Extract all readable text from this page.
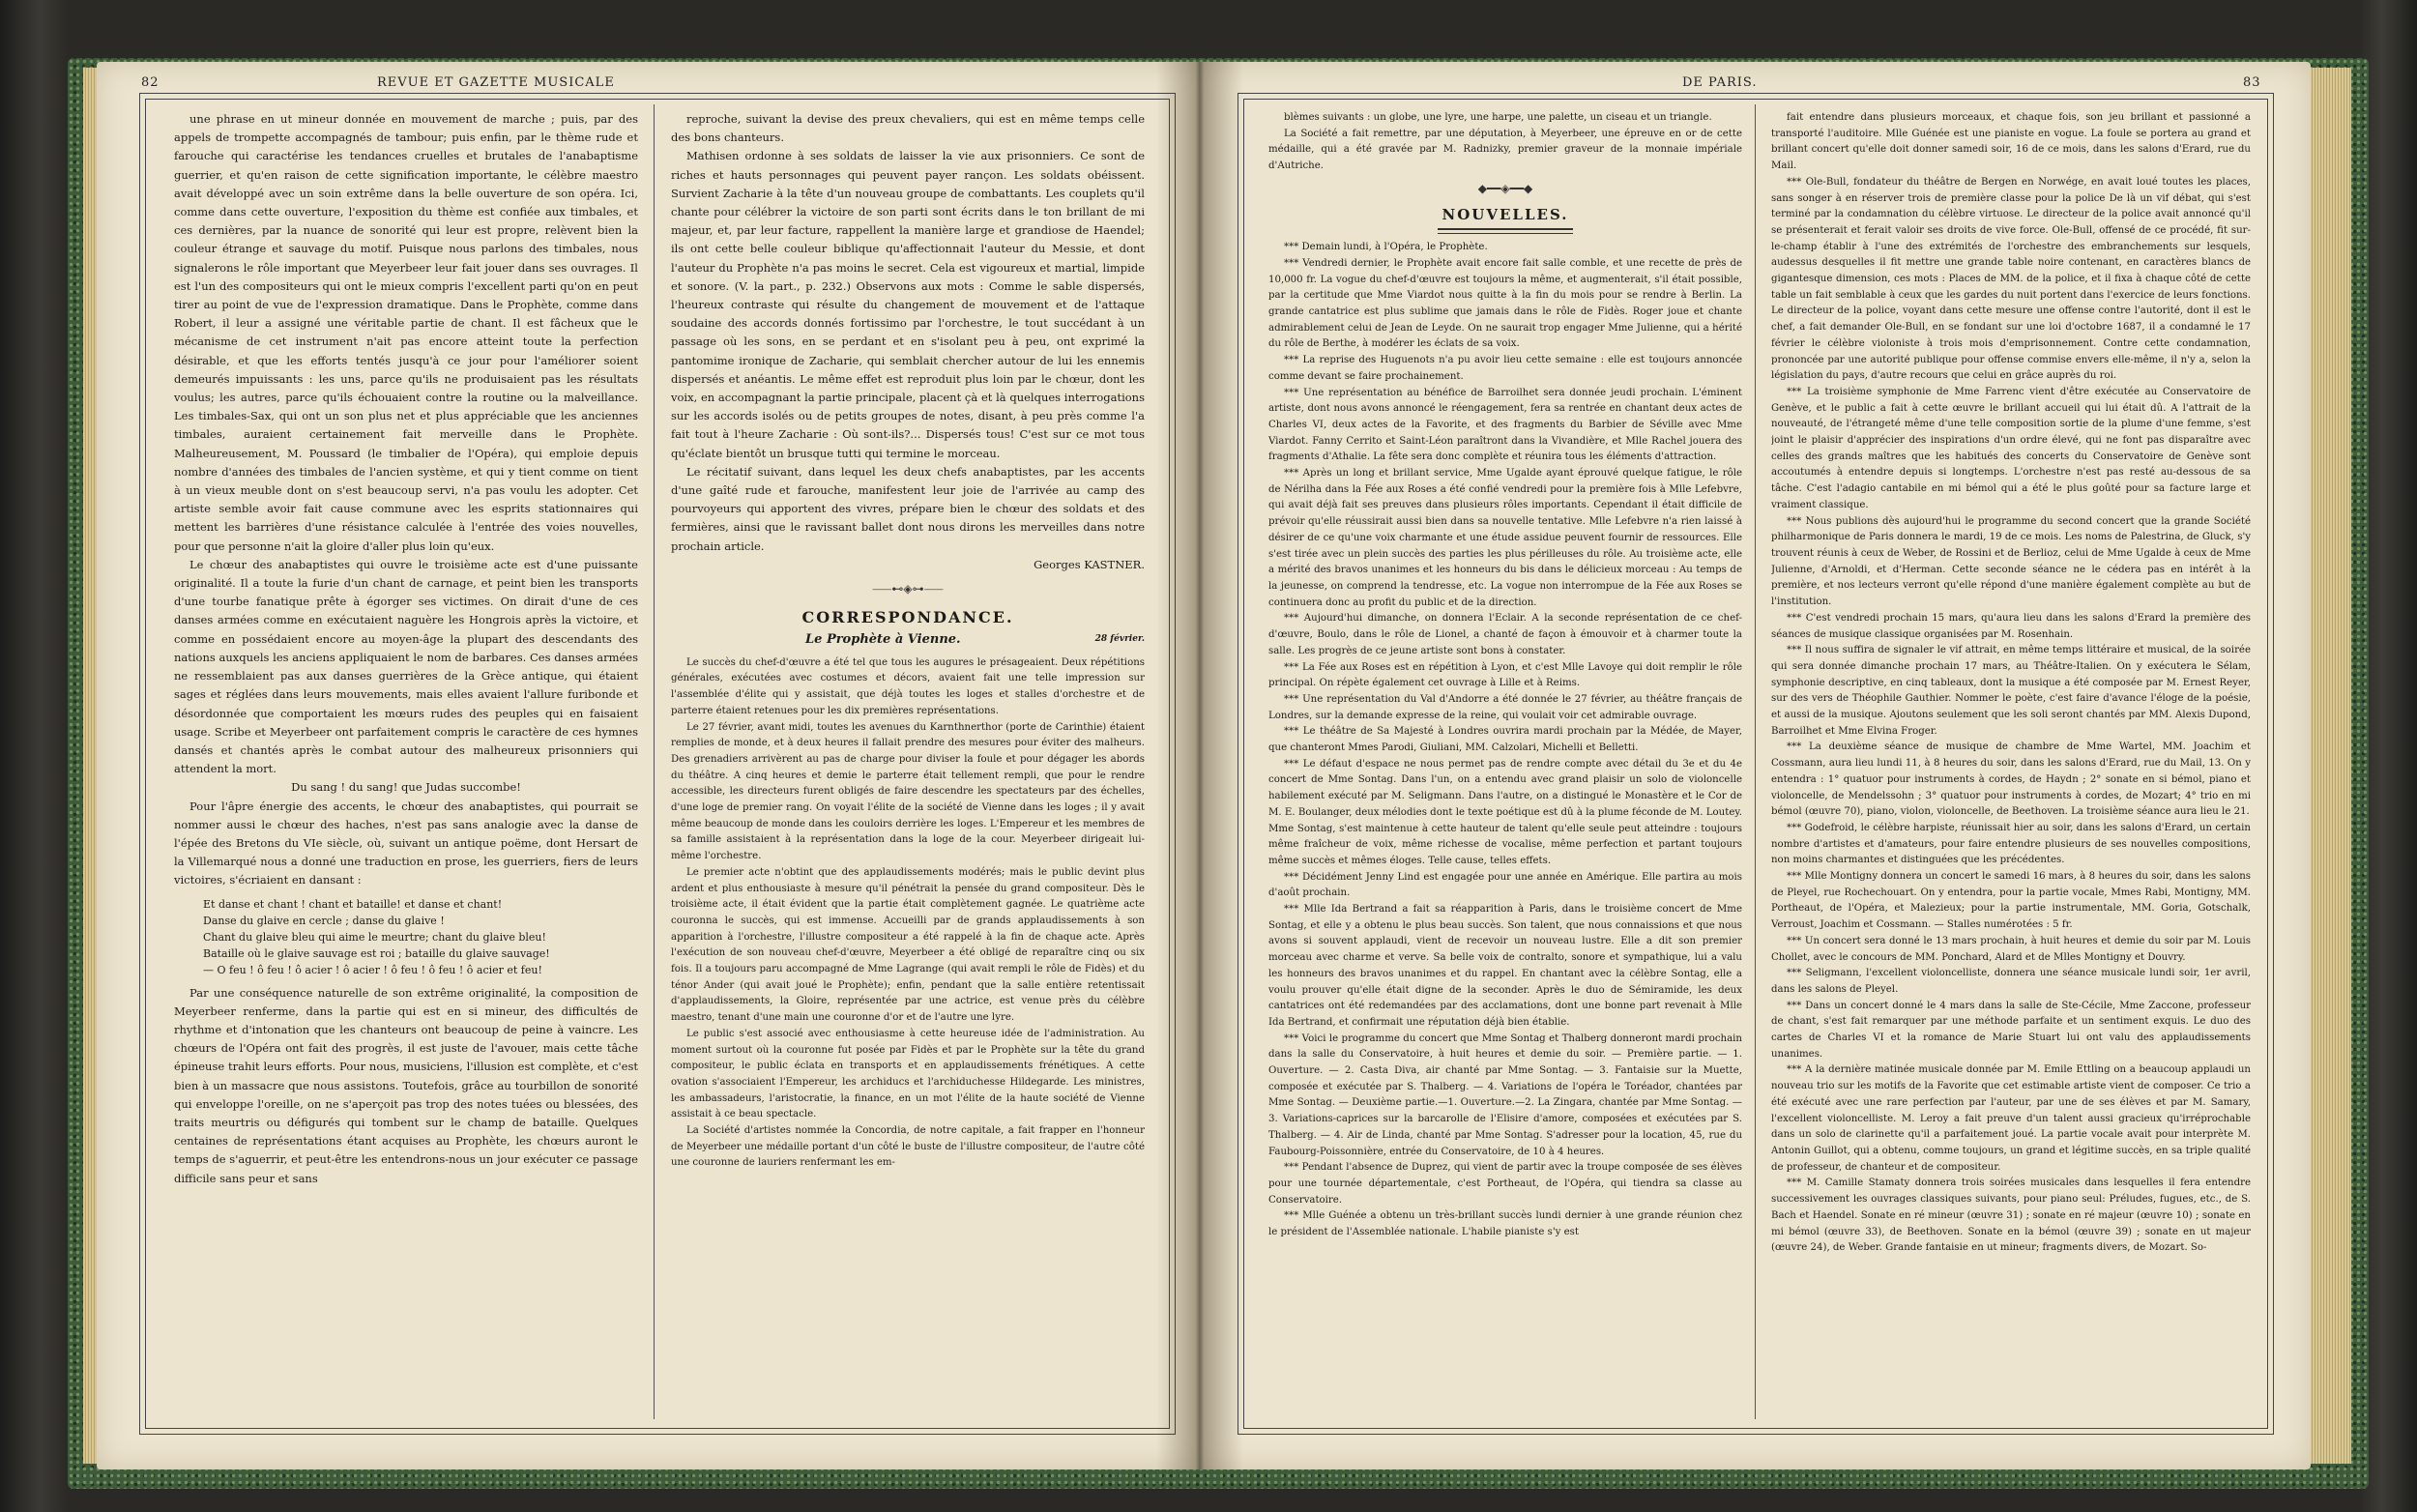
82	REVUE ET GAZETTE MUSICALE

une phrase en ut mineur donnée en mouvement de marche ; puis, par des appels de trompette accompagnés de tambour; puis enfin, par le thème rude et farouche qui caractérise les tendances cruelles et brutales de l'anabaptisme guerrier, et qu'en raison de cette signification importante, le célèbre maestro avait développé avec un soin extrême dans la belle ouverture de son opéra. Ici, comme dans cette ouverture, l'exposition du thème est confiée aux timbales, et ces dernières, par la nuance de sonorité qui leur est propre, relèvent bien la couleur étrange et sauvage du motif. Puisque nous parlons des timbales, nous signalerons le rôle important que Meyerbeer leur fait jouer dans ses ouvrages. Il est l'un des compositeurs qui ont le mieux compris l'excellent parti qu'on en peut tirer au point de vue de l'expression dramatique. Dans le Prophète, comme dans Robert, il leur a assigné une véritable partie de chant. Il est fâcheux que le mécanisme de cet instrument n'ait pas encore atteint toute la perfection désirable, et que les efforts tentés jusqu'à ce jour pour l'améliorer soient demeurés impuissants : les uns, parce qu'ils ne produisaient pas les résultats voulus; les autres, parce qu'ils échouaient contre la routine ou la malveillance. Les timbales-Sax, qui ont un son plus net et plus appréciable que les anciennes timbales, auraient certainement fait merveille dans le Prophète. Malheureusement, M. Poussard (le timbalier de l'Opéra), qui emploie depuis nombre d'années des timbales de l'ancien système, et qui y tient comme on tient à un vieux meuble dont on s'est beaucoup servi, n'a pas voulu les adopter. Cet artiste semble avoir fait cause commune avec les esprits stationnaires qui mettent les barrières d'une résistance calculée à l'entrée des voies nouvelles, pour que personne n'ait la gloire d'aller plus loin qu'eux.

Le chœur des anabaptistes qui ouvre le troisième acte est d'une puissante originalité. Il a toute la furie d'un chant de carnage, et peint bien les transports d'une tourbe fanatique prête à égorger ses victimes. On dirait d'une de ces danses armées comme en exécutaient naguère les Hongrois après la victoire, et comme en possédaient encore au moyen-âge la plupart des descendants des nations auxquels les anciens appliquaient le nom de barbares. Ces danses armées ne ressemblaient pas aux danses guerrières de la Grèce antique, qui étaient sages et réglées dans leurs mouvements, mais elles avaient l'allure furibonde et désordonnée que comportaient les mœurs rudes des peuples qui en faisaient usage. Scribe et Meyerbeer ont parfaitement compris le caractère de ces hymnes dansés et chantés après le combat autour des malheureux prisonniers qui attendent la mort.

Du sang ! du sang! que Judas succombe!

Pour l'âpre énergie des accents, le chœur des anabaptistes, qui pourrait se nommer aussi le chœur des haches, n'est pas sans analogie avec la danse de l'épée des Bretons du VIe siècle, où, suivant un antique poëme, dont Hersart de la Villemarqué nous a donné une traduction en prose, les guerriers, fiers de leurs victoires, s'écriaient en dansant :

Et danse et chant ! chant et bataille! et danse et chant!
Danse du glaive en cercle ; danse du glaive !
Chant du glaive bleu qui aime le meurtre; chant du glaive bleu!
Bataille où le glaive sauvage est roi ; bataille du glaive sauvage!
— O feu ! ô feu ! ô acier ! ô acier ! ô feu ! ô feu ! ô acier et feu!

Par une conséquence naturelle de son extrême originalité, la composition de Meyerbeer renferme, dans la partie qui est en si mineur, des difficultés de rhythme et d'intonation que les chanteurs ont beaucoup de peine à vaincre. Les chœurs de l'Opéra ont fait des progrès, il est juste de l'avouer, mais cette tâche épineuse trahit leurs efforts. Pour nous, musiciens, l'illusion est complète, et c'est bien à un massacre que nous assistons. Toutefois, grâce au tourbillon de sonorité qui enveloppe l'oreille, on ne s'aperçoit pas trop des notes tuées ou blessées, des traits meurtris ou défigurés qui tombent sur le champ de bataille. Quelques centaines de représentations étant acquises au Prophète, les chœurs auront le temps de s'aguerrir, et peut-être les entendrons-nous un jour exécuter ce passage difficile sans peur et sans

reproche, suivant la devise des preux chevaliers, qui est en même temps celle des bons chanteurs.

Mathisen ordonne à ses soldats de laisser la vie aux prisonniers. Ce sont de riches et hauts personnages qui peuvent payer rançon. Les soldats obéissent. Survient Zacharie à la tête d'un nouveau groupe de combattants. Les couplets qu'il chante pour célébrer la victoire de son parti sont écrits dans le ton brillant de mi majeur, et, par leur facture, rappellent la manière large et grandiose de Haendel; ils ont cette belle couleur biblique qu'affectionnait l'auteur du Messie, et dont l'auteur du Prophète n'a pas moins le secret. Cela est vigoureux et martial, limpide et sonore. (V. la part., p. 232.) Observons aux mots : Comme le sable dispersés, l'heureux contraste qui résulte du changement de mouvement et de l'attaque soudaine des accords donnés fortissimo par l'orchestre, le tout succédant à un passage où les sons, en se perdant et en s'isolant peu à peu, ont exprimé la pantomime ironique de Zacharie, qui semblait chercher autour de lui les ennemis dispersés et anéantis. Le même effet est reproduit plus loin par le chœur, dont les voix, en accompagnant la partie principale, placent çà et là quelques interrogations sur les accords isolés ou de petits groupes de notes, disant, à peu près comme l'a fait tout à l'heure Zacharie : Où sont-ils?... Dispersés tous! C'est sur ce mot tous qu'éclate bientôt un brusque tutti qui termine le morceau.

Le récitatif suivant, dans lequel les deux chefs anabaptistes, par les accents d'une gaîté rude et farouche, manifestent leur joie de l'arrivée au camp des pourvoyeurs qui apportent des vivres, prépare bien le chœur des soldats et des fermières, ainsi que le ravissant ballet dont nous dirons les merveilles dans notre prochain article.

Georges KASTNER.

⸺⊷◈⊶⸺
CORRESPONDANCE.
Le Prophète à Vienne.	28 février.

Le succès du chef-d'œuvre a été tel que tous les augures le présageaient. Deux répétitions générales, exécutées avec costumes et décors, avaient fait une telle impression sur l'assemblée d'élite qui y assistait, que déjà toutes les loges et stalles d'orchestre et de parterre étaient retenues pour les dix premières représentations.

Le 27 février, avant midi, toutes les avenues du Karnthnerthor (porte de Carinthie) étaient remplies de monde, et à deux heures il fallait prendre des mesures pour éviter des malheurs. Des grenadiers arrivèrent au pas de charge pour diviser la foule et pour dégager les abords du théâtre. A cinq heures et demie le parterre était tellement rempli, que pour le rendre accessible, les directeurs furent obligés de faire descendre les spectateurs par des échelles, d'une loge de premier rang. On voyait l'élite de la société de Vienne dans les loges ; il y avait même beaucoup de monde dans les couloirs derrière les loges. L'Empereur et les membres de sa famille assistaient à la représentation dans la loge de la cour. Meyerbeer dirigeait lui-même l'orchestre.

Le premier acte n'obtint que des applaudissements modérés; mais le public devint plus ardent et plus enthousiaste à mesure qu'il pénétrait la pensée du grand compositeur. Dès le troisième acte, il était évident que la partie était complètement gagnée. Le quatrième acte couronna le succès, qui est immense. Accueilli par de grands applaudissements à son apparition à l'orchestre, l'illustre compositeur a été rappelé à la fin de chaque acte. Après l'exécution de son nouveau chef-d'œuvre, Meyerbeer a été obligé de reparaître cinq ou six fois. Il a toujours paru accompagné de Mme Lagrange (qui avait rempli le rôle de Fidès) et du ténor Ander (qui avait joué le Prophète); enfin, pendant que la salle entière retentissait d'applaudissements, la Gloire, représentée par une actrice, est venue près du célèbre maestro, tenant d'une main une couronne d'or et de l'autre une lyre.

Le public s'est associé avec enthousiasme à cette heureuse idée de l'administration. Au moment surtout où la couronne fut posée par Fidès et par le Prophète sur la tête du grand compositeur, le public éclata en transports et en applaudissements frénétiques. A cette ovation s'associaient l'Empereur, les archiducs et l'archiduchesse Hildegarde. Les ministres, les ambassadeurs, l'aristocratie, la finance, en un mot l'élite de la haute société de Vienne assistait à ce beau spectacle.

La Société d'artistes nommée la Concordia, de notre capitale, a fait frapper en l'honneur de Meyerbeer une médaille portant d'un côté le buste de l'illustre compositeur, de l'autre côté une couronne de lauriers renfermant les em-

DE PARIS.	83

blèmes suivants : un globe, une lyre, une harpe, une palette, un ciseau et un triangle.

La Société a fait remettre, par une députation, à Meyerbeer, une épreuve en or de cette médaille, qui a été gravée par M. Radnizky, premier graveur de la monnaie impériale d'Autriche.

◆━━◈━━◆
NOUVELLES.

*** Demain lundi, à l'Opéra, le Prophète.

*** Vendredi dernier, le Prophète avait encore fait salle comble, et une recette de près de 10,000 fr. La vogue du chef-d'œuvre est toujours la même, et augmenterait, s'il était possible, par la certitude que Mme Viardot nous quitte à la fin du mois pour se rendre à Berlin. La grande cantatrice est plus sublime que jamais dans le rôle de Fidès. Roger joue et chante admirablement celui de Jean de Leyde. On ne saurait trop engager Mme Julienne, qui a hérité du rôle de Berthe, à modérer les éclats de sa voix.

*** La reprise des Huguenots n'a pu avoir lieu cette semaine : elle est toujours annoncée comme devant se faire prochainement.

*** Une représentation au bénéfice de Barroilhet sera donnée jeudi prochain. L'éminent artiste, dont nous avons annoncé le réengagement, fera sa rentrée en chantant deux actes de Charles VI, deux actes de la Favorite, et des fragments du Barbier de Séville avec Mme Viardot. Fanny Cerrito et Saint-Léon paraîtront dans la Vivandière, et Mlle Rachel jouera des fragments d'Athalie. La fête sera donc complète et réunira tous les éléments d'attraction.

*** Après un long et brillant service, Mme Ugalde ayant éprouvé quelque fatigue, le rôle de Nérilha dans la Fée aux Roses a été confié vendredi pour la première fois à Mlle Lefebvre, qui avait déjà fait ses preuves dans plusieurs rôles importants. Cependant il était difficile de prévoir qu'elle réussirait aussi bien dans sa nouvelle tentative. Mlle Lefebvre n'a rien laissé à désirer de ce qu'une voix charmante et une étude assidue peuvent fournir de ressources. Elle s'est tirée avec un plein succès des parties les plus périlleuses du rôle. Au troisième acte, elle a mérité des bravos unanimes et les honneurs du bis dans le délicieux morceau : Au temps de la jeunesse, on comprend la tendresse, etc. La vogue non interrompue de la Fée aux Roses se continuera donc au profit du public et de la direction.

*** Aujourd'hui dimanche, on donnera l'Eclair. A la seconde représentation de ce chef-d'œuvre, Boulo, dans le rôle de Lionel, a chanté de façon à émouvoir et à charmer toute la salle. Les progrès de ce jeune artiste sont bons à constater.

*** La Fée aux Roses est en répétition à Lyon, et c'est Mlle Lavoye qui doit remplir le rôle principal. On répète également cet ouvrage à Lille et à Reims.

*** Une représentation du Val d'Andorre a été donnée le 27 février, au théâtre français de Londres, sur la demande expresse de la reine, qui voulait voir cet admirable ouvrage.

*** Le théâtre de Sa Majesté à Londres ouvrira mardi prochain par la Médée, de Mayer, que chanteront Mmes Parodi, Giuliani, MM. Calzolari, Michelli et Belletti.

*** Le défaut d'espace ne nous permet pas de rendre compte avec détail du 3e et du 4e concert de Mme Sontag. Dans l'un, on a entendu avec grand plaisir un solo de violoncelle habilement exécuté par M. Seligmann. Dans l'autre, on a distingué le Monastère et le Cor de M. E. Boulanger, deux mélodies dont le texte poétique est dû à la plume féconde de M. Loutey. Mme Sontag, s'est maintenue à cette hauteur de talent qu'elle seule peut atteindre : toujours même fraîcheur de voix, même richesse de vocalise, même perfection et partant toujours même succès et mêmes éloges. Telle cause, telles effets.

*** Décidément Jenny Lind est engagée pour une année en Amérique. Elle partira au mois d'août prochain.

*** Mlle Ida Bertrand a fait sa réapparition à Paris, dans le troisième concert de Mme Sontag, et elle y a obtenu le plus beau succès. Son talent, que nous connaissions et que nous avons si souvent applaudi, vient de recevoir un nouveau lustre. Elle a dit son premier morceau avec charme et verve. Sa belle voix de contralto, sonore et sympathique, lui a valu les honneurs des bravos unanimes et du rappel. En chantant avec la célèbre Sontag, elle a voulu prouver qu'elle était digne de la seconder. Après le duo de Sémiramide, les deux cantatrices ont été redemandées par des acclamations, dont une bonne part revenait à Mlle Ida Bertrand, et confirmait une réputation déjà bien établie.

*** Voici le programme du concert que Mme Sontag et Thalberg donneront mardi prochain dans la salle du Conservatoire, à huit heures et demie du soir. — Première partie. — 1. Ouverture. — 2. Casta Diva, air chanté par Mme Sontag. — 3. Fantaisie sur la Muette, composée et exécutée par S. Thalberg. — 4. Variations de l'opéra le Toréador, chantées par Mme Sontag. — Deuxième partie.—1. Ouverture.—2. La Zingara, chantée par Mme Sontag. — 3. Variations-caprices sur la barcarolle de l'Elisire d'amore, composées et exécutées par S. Thalberg. — 4. Air de Linda, chanté par Mme Sontag. S'adresser pour la location, 45, rue du Faubourg-Poissonnière, entrée du Conservatoire, de 10 à 4 heures.

*** Pendant l'absence de Duprez, qui vient de partir avec la troupe composée de ses élèves pour une tournée départementale, c'est Portheaut, de l'Opéra, qui tiendra sa classe au Conservatoire.

*** Mlle Guénée a obtenu un très-brillant succès lundi dernier à une grande réunion chez le président de l'Assemblée nationale. L'habile pianiste s'y est

fait entendre dans plusieurs morceaux, et chaque fois, son jeu brillant et passionné a transporté l'auditoire. Mlle Guénée est une pianiste en vogue. La foule se portera au grand et brillant concert qu'elle doit donner samedi soir, 16 de ce mois, dans les salons d'Erard, rue du Mail.

*** Ole-Bull, fondateur du théâtre de Bergen en Norwége, en avait loué toutes les places, sans songer à en réserver trois de première classe pour la police De là un vif débat, qui s'est terminé par la condamnation du célèbre virtuose. Le directeur de la police avait annoncé qu'il se présenterait et ferait valoir ses droits de vive force. Ole-Bull, offensé de ce procédé, fit sur-le-champ établir à l'une des extrémités de l'orchestre des embranchements sur lesquels, audessus desquelles il fit mettre une grande table noire contenant, en caractères blancs de gigantesque dimension, ces mots : Places de MM. de la police, et il fixa à chaque côté de cette table un fait semblable à ceux que les gardes du nuit portent dans l'exercice de leurs fonctions. Le directeur de la police, voyant dans cette mesure une offense contre l'autorité, dont il est le chef, a fait demander Ole-Bull, en se fondant sur une loi d'octobre 1687, il a condamné le 17 février le célèbre violoniste à trois mois d'emprisonnement. Contre cette condamnation, prononcée par une autorité publique pour offense commise envers elle-même, il n'y a, selon la législation du pays, d'autre recours que celui en grâce auprès du roi.

*** La troisième symphonie de Mme Farrenc vient d'être exécutée au Conservatoire de Genève, et le public a fait à cette œuvre le brillant accueil qui lui était dû. A l'attrait de la nouveauté, de l'étrangeté même d'une telle composition sortie de la plume d'une femme, s'est joint le plaisir d'apprécier des inspirations d'un ordre élevé, qui ne font pas disparaître avec celles des grands maîtres que les habitués des concerts du Conservatoire de Genève sont accoutumés à entendre depuis si longtemps. L'orchestre n'est pas resté au-dessous de sa tâche. C'est l'adagio cantabile en mi bémol qui a été le plus goûté pour sa facture large et vraiment classique.

*** Nous publions dès aujourd'hui le programme du second concert que la grande Société philharmonique de Paris donnera le mardi, 19 de ce mois. Les noms de Palestrina, de Gluck, s'y trouvent réunis à ceux de Weber, de Rossini et de Berlioz, celui de Mme Ugalde à ceux de Mme Julienne, d'Arnoldi, et d'Herman. Cette seconde séance ne le cédera pas en intérêt à la première, et nos lecteurs verront qu'elle répond d'une manière également complète au but de l'institution.

*** C'est vendredi prochain 15 mars, qu'aura lieu dans les salons d'Erard la première des séances de musique classique organisées par M. Rosenhain.

*** Il nous suffira de signaler le vif attrait, en même temps littéraire et musical, de la soirée qui sera donnée dimanche prochain 17 mars, au Théâtre-Italien. On y exécutera le Sélam, symphonie descriptive, en cinq tableaux, dont la musique a été composée par M. Ernest Reyer, sur des vers de Théophile Gauthier. Nommer le poète, c'est faire d'avance l'éloge de la poésie, et aussi de la musique. Ajoutons seulement que les soli seront chantés par MM. Alexis Dupond, Barroilhet et Mme Elvina Froger.

*** La deuxième séance de musique de chambre de Mme Wartel, MM. Joachim et Cossmann, aura lieu lundi 11, à 8 heures du soir, dans les salons d'Erard, rue du Mail, 13. On y entendra : 1° quatuor pour instruments à cordes, de Haydn ; 2° sonate en si bémol, piano et violoncelle, de Mendelssohn ; 3° quatuor pour instruments à cordes, de Mozart; 4° trio en mi bémol (œuvre 70), piano, violon, violoncelle, de Beethoven. La troisième séance aura lieu le 21.

*** Godefroid, le célèbre harpiste, réunissait hier au soir, dans les salons d'Erard, un certain nombre d'artistes et d'amateurs, pour faire entendre plusieurs de ses nouvelles compositions, non moins charmantes et distinguées que les précédentes.

*** Mlle Montigny donnera un concert le samedi 16 mars, à 8 heures du soir, dans les salons de Pleyel, rue Rochechouart. On y entendra, pour la partie vocale, Mmes Rabi, Montigny, MM. Portheaut, de l'Opéra, et Malezieux; pour la partie instrumentale, MM. Goria, Gotschalk, Verroust, Joachim et Cossmann. — Stalles numérotées : 5 fr.

*** Un concert sera donné le 13 mars prochain, à huit heures et demie du soir par M. Louis Chollet, avec le concours de MM. Ponchard, Alard et de Mlles Montigny et Douvry.

*** Seligmann, l'excellent violoncelliste, donnera une séance musicale lundi soir, 1er avril, dans les salons de Pleyel.

*** Dans un concert donné le 4 mars dans la salle de Ste-Cécile, Mme Zaccone, professeur de chant, s'est fait remarquer par une méthode parfaite et un sentiment exquis. Le duo des cartes de Charles VI et la romance de Marie Stuart lui ont valu des applaudissements unanimes.

*** A la dernière matinée musicale donnée par M. Emile Ettling on a beaucoup applaudi un nouveau trio sur les motifs de la Favorite que cet estimable artiste vient de composer. Ce trio a été exécuté avec une rare perfection par l'auteur, par une de ses élèves et par M. Samary, l'excellent violoncelliste. M. Leroy a fait preuve d'un talent aussi gracieux qu'irréprochable dans un solo de clarinette qu'il a parfaitement joué. La partie vocale avait pour interprète M. Antonin Guillot, qui a obtenu, comme toujours, un grand et légitime succès, en sa triple qualité de professeur, de chanteur et de compositeur.

*** M. Camille Stamaty donnera trois soirées musicales dans lesquelles il fera entendre successivement les ouvrages classiques suivants, pour piano seul: Préludes, fugues, etc., de S. Bach et Haendel. Sonate en ré mineur (œuvre 31) ; sonate en ré majeur (œuvre 10) ; sonate en mi bémol (œuvre 33), de Beethoven. Sonate en la bémol (œuvre 39) ; sonate en ut majeur (œuvre 24), de Weber. Grande fantaisie en ut mineur; fragments divers, de Mozart. So-
